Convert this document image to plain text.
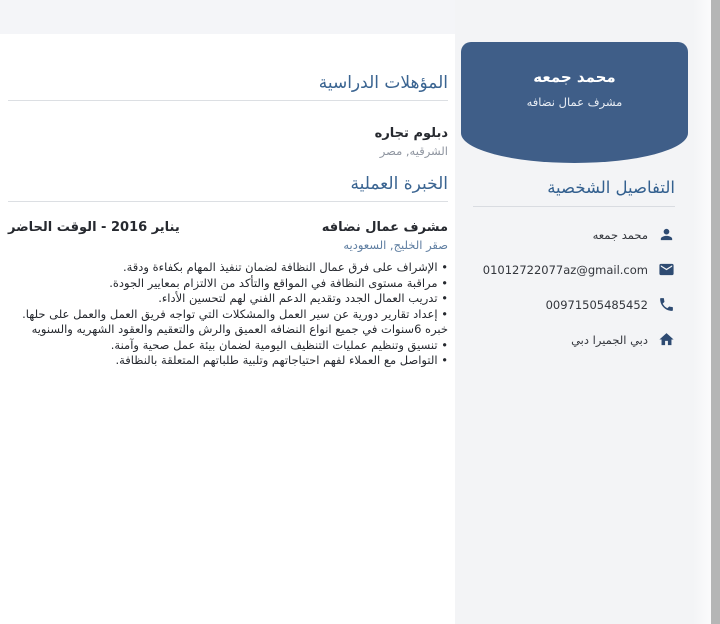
المؤهلات الدراسية
دبلوم تجاره
الشرقيه, مصر
الخبرة العملية
مشرف عمال نضافه
يناير 2016 - الوقت الحاضر
صقر الخليج, السعوديه
• الإشراف على فرق عمال النظافة لضمان تنفيذ المهام بكفاءة ودقة.
• مراقبة مستوى النظافة في المواقع والتأكد من الالتزام بمعايير الجودة.
• تدريب العمال الجدد وتقديم الدعم الفني لهم لتحسين الأداء.
• إعداد تقارير دورية عن سير العمل والمشكلات التي تواجه فريق العمل والعمل على حلها.
خبره 6سنوات في جميع انواع النضافه العميق والرش والتعقيم والعقود الشهريه والسنويه
• تنسيق وتنظيم عمليات التنظيف اليومية لضمان بيئة عمل صحية وآمنة.
• التواصل مع العملاء لفهم احتياجاتهم وتلبية طلباتهم المتعلقة بالنظافة.
محمد جمعه
مشرف عمال نضافه
التفاصيل الشخصية
محمد جمعه
01012722077az@gmail.com
00971505485452
دبي الجميرا دبي
